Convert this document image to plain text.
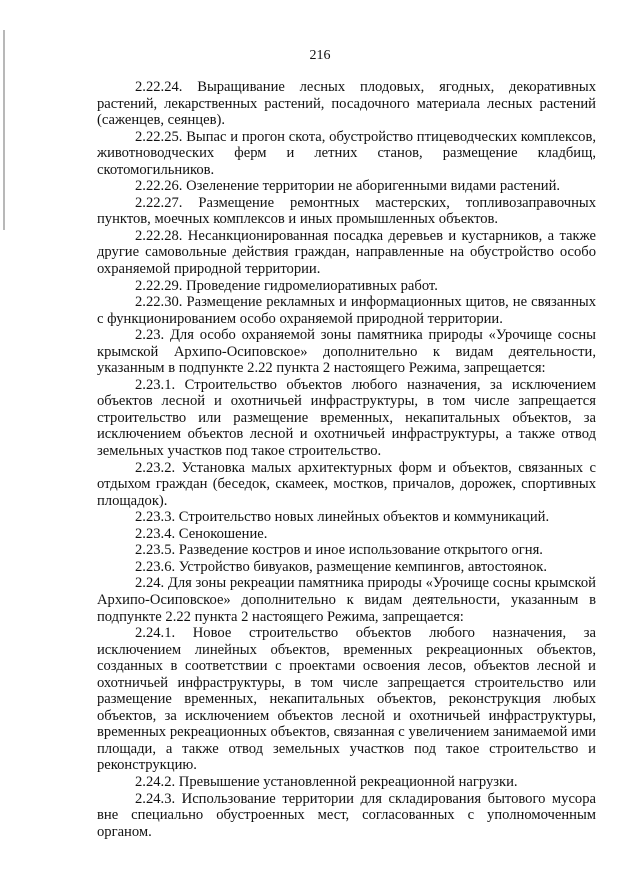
216

2.22.24. Выращивание лесных плодовых, ягодных, декоративных растений, лекарственных растений, посадочного материала лесных растений (саженцев, сеянцев).

2.22.25. Выпас и прогон скота, обустройство птицеводческих комплексов, животноводческих ферм и летних станов, размещение кладбищ, скотомогильников.

2.22.26. Озеленение территории не аборигенными видами растений.

2.22.27. Размещение ремонтных мастерских, топливозаправочных пунктов, моечных комплексов и иных промышленных объектов.

2.22.28. Несанкционированная посадка деревьев и кустарников, а также другие самовольные действия граждан, направленные на обустройство особо охраняемой природной территории.

2.22.29. Проведение гидромелиоративных работ.

2.22.30. Размещение рекламных и информационных щитов, не связанных с функционированием особо охраняемой природной территории.

2.23. Для особо охраняемой зоны памятника природы «Урочище сосны крымской Архипо-Осиповское» дополнительно к видам деятельности, указанным в подпункте 2.22 пункта 2 настоящего Режима, запрещается:

2.23.1. Строительство объектов любого назначения, за исключением объектов лесной и охотничьей инфраструктуры, в том числе запрещается строительство или размещение временных, некапитальных объектов, за исключением объектов лесной и охотничьей инфраструктуры, а также отвод земельных участков под такое строительство.

2.23.2. Установка малых архитектурных форм и объектов, связанных с отдыхом граждан (беседок, скамеек, мостков, причалов, дорожек, спортивных площадок).

2.23.3. Строительство новых линейных объектов и коммуникаций.

2.23.4. Сенокошение.

2.23.5. Разведение костров и иное использование открытого огня.

2.23.6. Устройство бивуаков, размещение кемпингов, автостоянок.

2.24. Для зоны рекреации памятника природы «Урочище сосны крымской Архипо-Осиповское» дополнительно к видам деятельности, указанным в подпункте 2.22 пункта 2 настоящего Режима, запрещается:

2.24.1. Новое строительство объектов любого назначения, за исключением линейных объектов, временных рекреационных объектов, созданных в соответствии с проектами освоения лесов, объектов лесной и охотничьей инфраструктуры, в том числе запрещается строительство или размещение временных, некапитальных объектов, реконструкция любых объектов, за исключением объектов лесной и охотничьей инфраструктуры, временных рекреационных объектов, связанная с увеличением занимаемой ими площади, а также отвод земельных участков под такое строительство и реконструкцию.

2.24.2. Превышение установленной рекреационной нагрузки.

2.24.3. Использование территории для складирования бытового мусора вне специально обустроенных мест, согласованных с уполномоченным органом.
